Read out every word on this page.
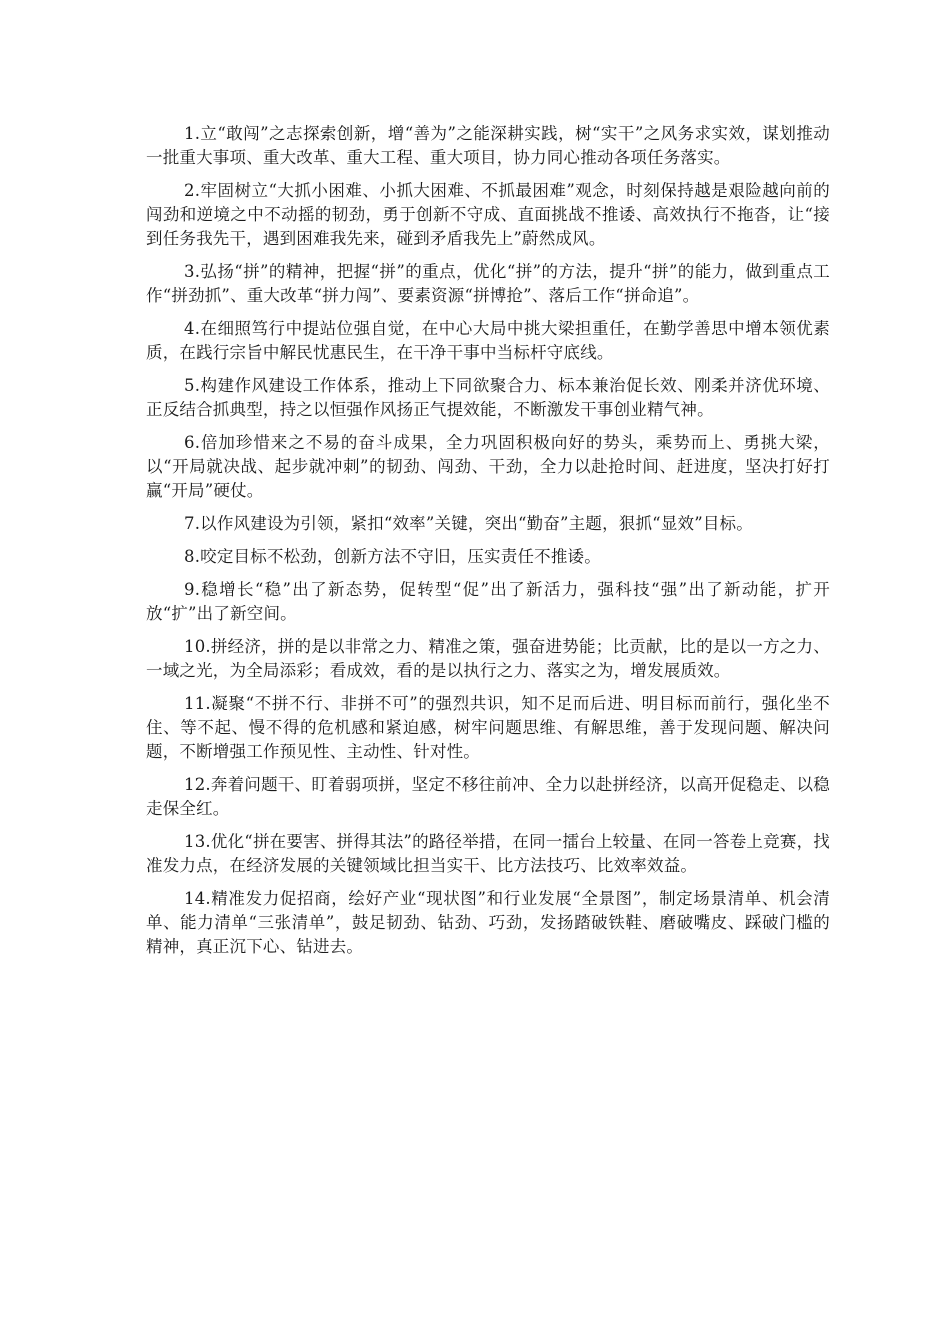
1.立“敢闯”之志探索创新，增“善为”之能深耕实践，树“实干”之风务求实效，谋划推动一批重大事项、重大改革、重大工程、重大项目，协力同心推动各项任务落实。

2.牢固树立“大抓小困难、小抓大困难、不抓最困难”观念，时刻保持越是艰险越向前的闯劲和逆境之中不动摇的韧劲，勇于创新不守成、直面挑战不推诿、高效执行不拖沓，让“接到任务我先干，遇到困难我先来，碰到矛盾我先上”蔚然成风。

3.弘扬“拼”的精神，把握“拼”的重点，优化“拼”的方法，提升“拼”的能力，做到重点工作“拼劲抓”、重大改革“拼力闯”、要素资源“拼博抢”、落后工作“拼命追”。

4.在细照笃行中提站位强自觉，在中心大局中挑大梁担重任，在勤学善思中增本领优素质，在践行宗旨中解民忧惠民生，在干净干事中当标杆守底线。

5.构建作风建设工作体系，推动上下同欲聚合力、标本兼治促长效、刚柔并济优环境、正反结合抓典型，持之以恒强作风扬正气提效能，不断激发干事创业精气神。

6.倍加珍惜来之不易的奋斗成果，全力巩固积极向好的势头，乘势而上、勇挑大梁，以“开局就决战、起步就冲刺”的韧劲、闯劲、干劲，全力以赴抢时间、赶进度，坚决打好打赢“开局”硬仗。

7.以作风建设为引领，紧扣“效率”关键，突出“勤奋”主题，狠抓“显效”目标。

8.咬定目标不松劲，创新方法不守旧，压实责任不推诿。

9.稳增长“稳”出了新态势，促转型“促”出了新活力，强科技“强”出了新动能，扩开放“扩”出了新空间。

10.拼经济，拼的是以非常之力、精准之策，强奋进势能；比贡献，比的是以一方之力、一域之光，为全局添彩；看成效，看的是以执行之力、落实之为，增发展质效。

11.凝聚“不拼不行、非拼不可”的强烈共识，知不足而后进、明目标而前行，强化坐不住、等不起、慢不得的危机感和紧迫感，树牢问题思维、有解思维，善于发现问题、解决问题，不断增强工作预见性、主动性、针对性。

12.奔着问题干、盯着弱项拼，坚定不移往前冲、全力以赴拼经济，以高开促稳走、以稳走保全红。

13.优化“拼在要害、拼得其法”的路径举措，在同一擂台上较量、在同一答卷上竞赛，找准发力点，在经济发展的关键领域比担当实干、比方法技巧、比效率效益。

14.精准发力促招商，绘好产业“现状图”和行业发展“全景图”，制定场景清单、机会清单、能力清单“三张清单”，鼓足韧劲、钻劲、巧劲，发扬踏破铁鞋、磨破嘴皮、踩破门槛的精神，真正沉下心、钻进去。
